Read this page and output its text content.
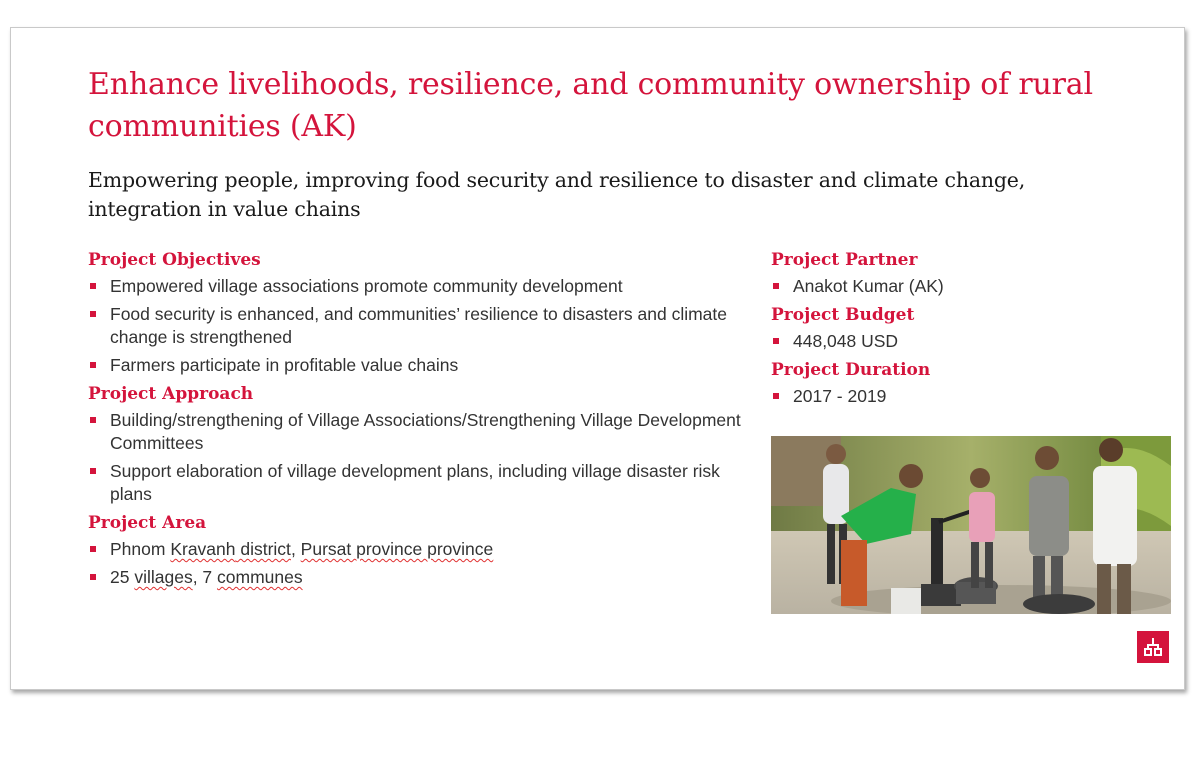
Enhance livelihoods, resilience, and community ownership of rural communities (AK)
Empowering people, improving food security and resilience to disaster and climate change, integration in value chains
Project Objectives
Empowered village associations promote community development
Food security is enhanced, and communities’ resilience to disasters and climate change is strengthened
Farmers participate in profitable value chains
Project Approach
Building/strengthening of Village Associations/Strengthening Village Development Committees
Support elaboration of village development plans, including village disaster risk plans
Project Area
Phnom Kravanh district, Pursat province province
25 villages, 7 communes
Project Partner
Anakot Kumar (AK)
Project Budget
448,048 USD
Project Duration
2017 - 2019
